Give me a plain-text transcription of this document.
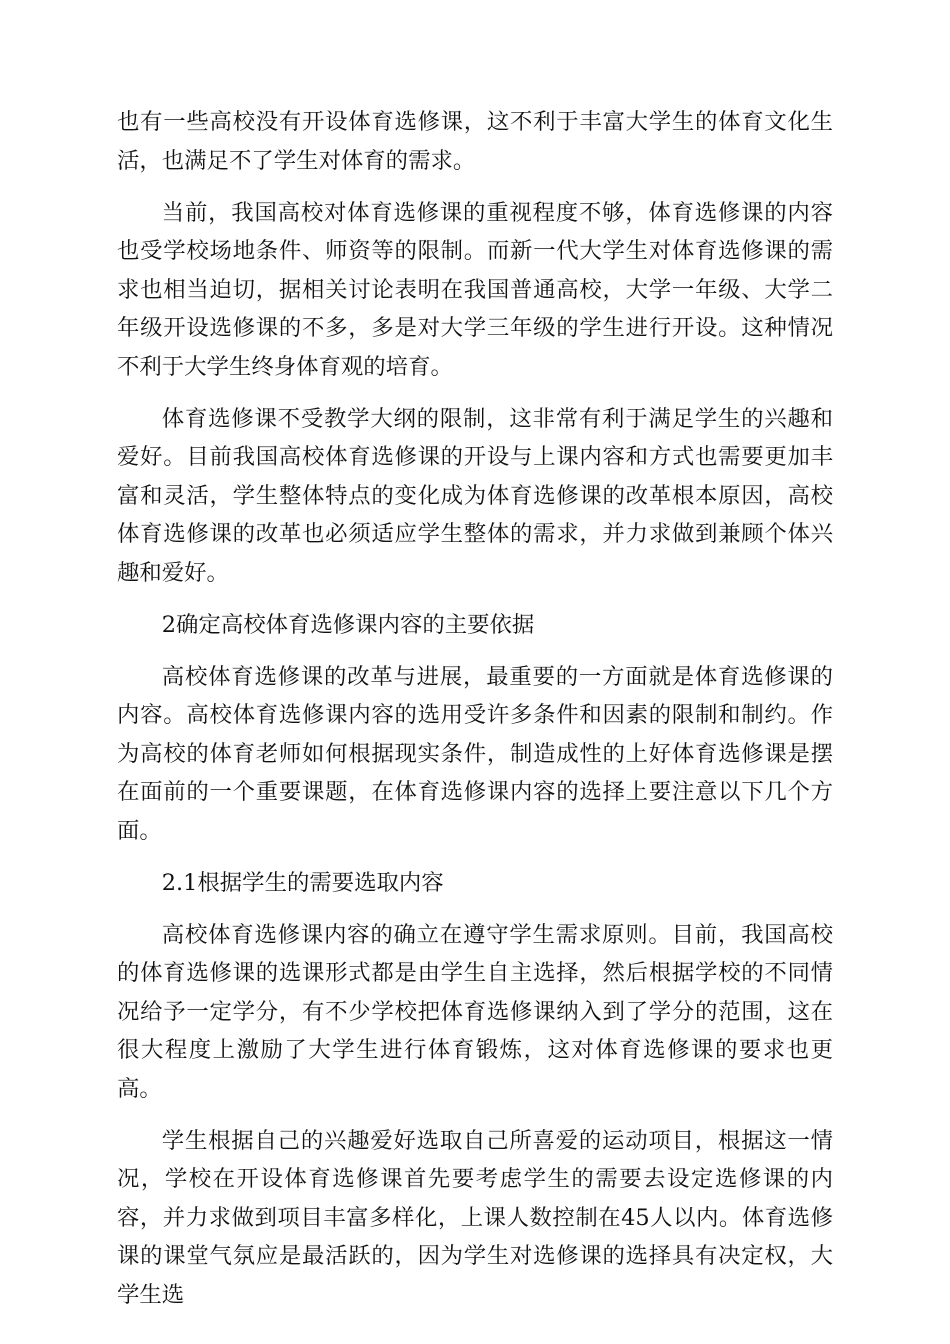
也有一些高校没有开设体育选修课，这不利于丰富大学生的体育文化生活，也满足不了学生对体育的需求。

当前，我国高校对体育选修课的重视程度不够，体育选修课的内容也受学校场地条件、师资等的限制。而新一代大学生对体育选修课的需求也相当迫切，据相关讨论表明在我国普通高校，大学一年级、大学二年级开设选修课的不多，多是对大学三年级的学生进行开设。这种情况不利于大学生终身体育观的培育。

体育选修课不受教学大纲的限制，这非常有利于满足学生的兴趣和爱好。目前我国高校体育选修课的开设与上课内容和方式也需要更加丰富和灵活，学生整体特点的变化成为体育选修课的改革根本原因，高校体育选修课的改革也必须适应学生整体的需求，并力求做到兼顾个体兴趣和爱好。

2确定高校体育选修课内容的主要依据

高校体育选修课的改革与进展，最重要的一方面就是体育选修课的内容。高校体育选修课内容的选用受许多条件和因素的限制和制约。作为高校的体育老师如何根据现实条件，制造成性的上好体育选修课是摆在面前的一个重要课题，在体育选修课内容的选择上要注意以下几个方面。

2.1根据学生的需要选取内容

高校体育选修课内容的确立在遵守学生需求原则。目前，我国高校的体育选修课的选课形式都是由学生自主选择，然后根据学校的不同情况给予一定学分，有不少学校把体育选修课纳入到了学分的范围，这在很大程度上激励了大学生进行体育锻炼，这对体育选修课的要求也更高。

学生根据自己的兴趣爱好选取自己所喜爱的运动项目，根据这一情况，学校在开设体育选修课首先要考虑学生的需要去设定选修课的内容，并力求做到项目丰富多样化，上课人数控制在45人以内。体育选修课的课堂气氛应是最活跃的，因为学生对选修课的选择具有决定权，大学生选
